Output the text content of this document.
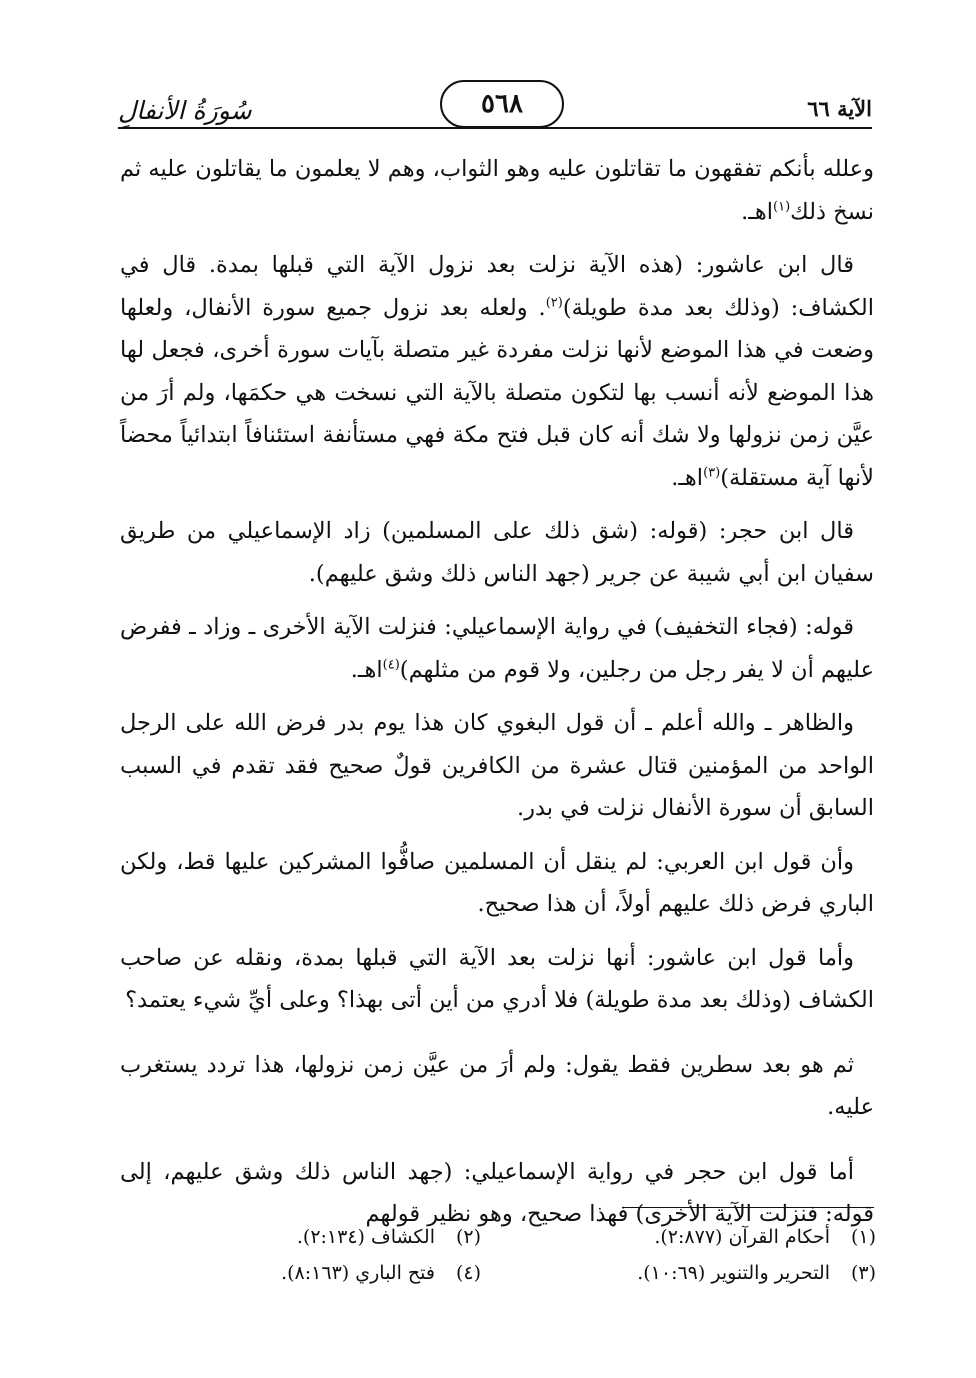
سُورَةُ الأنفالِ	٥٦٨	الآية ٦٦

وعلله بأنكم تفقهون ما تقاتلون عليه وهو الثواب، وهم لا يعلمون ما يقاتلون عليه ثم نسخ ذلك$^{(١)}$اهـ.

قال ابن عاشور: (هذه الآية نزلت بعد نزول الآية التي قبلها بمدة. قال في الكشاف: (وذلك بعد مدة طويلة)$^{(٢)}$. ولعله بعد نزول جميع سورة الأنفال، ولعلها وضعت في هذا الموضع لأنها نزلت مفردة غير متصلة بآيات سورة أخرى، فجعل لها هذا الموضع لأنه أنسب بها لتكون متصلة بالآية التي نسخت هي حكمَها، ولم أرَ من عيَّن زمن نزولها ولا شك أنه كان قبل فتح مكة فهي مستأنفة استئنافاً ابتدائياً محضاً لأنها آية مستقلة)$^{(٣)}$اهـ.

قال ابن حجر: (قوله: (شق ذلك على المسلمين) زاد الإسماعيلي من طريق سفيان ابن أبي شيبة عن جرير (جهد الناس ذلك وشق عليهم).

قوله: (فجاء التخفيف) في رواية الإسماعيلي: فنزلت الآية الأخرى ـ وزاد ـ ففرض عليهم أن لا يفر رجل من رجلين، ولا قوم من مثلهم)$^{(٤)}$اهـ.

والظاهر ـ والله أعلم ـ أن قول البغوي كان هذا يوم بدر فرض الله على الرجل الواحد من المؤمنين قتال عشرة من الكافرين قولٌ صحيح فقد تقدم في السبب السابق أن سورة الأنفال نزلت في بدر.

وأن قول ابن العربي: لم ينقل أن المسلمين صافُّوا المشركين عليها قط، ولكن الباري فرض ذلك عليهم أولاً، أن هذا صحيح.

وأما قول ابن عاشور: أنها نزلت بعد الآية التي قبلها بمدة، ونقله عن صاحب الكشاف (وذلك بعد مدة طويلة) فلا أدري من أين أتى بهذا؟ وعلى أيِّ شيء يعتمد؟

ثم هو بعد سطرين فقط يقول: ولم أرَ من عيَّن زمن نزولها، هذا تردد يستغرب عليه.

أما قول ابن حجر في رواية الإسماعيلي: (جهد الناس ذلك وشق عليهم، إلى قوله: فنزلت الآية الأخرى) فهذا صحيح، وهو نظير قولهم

(١)أحكام القرآن (٢:٨٧٧).
(٢)الكشاف (٢:١٣٤).
(٣)التحرير والتنوير (١٠:٦٩).
(٤)فتح الباري (٨:١٦٣).
